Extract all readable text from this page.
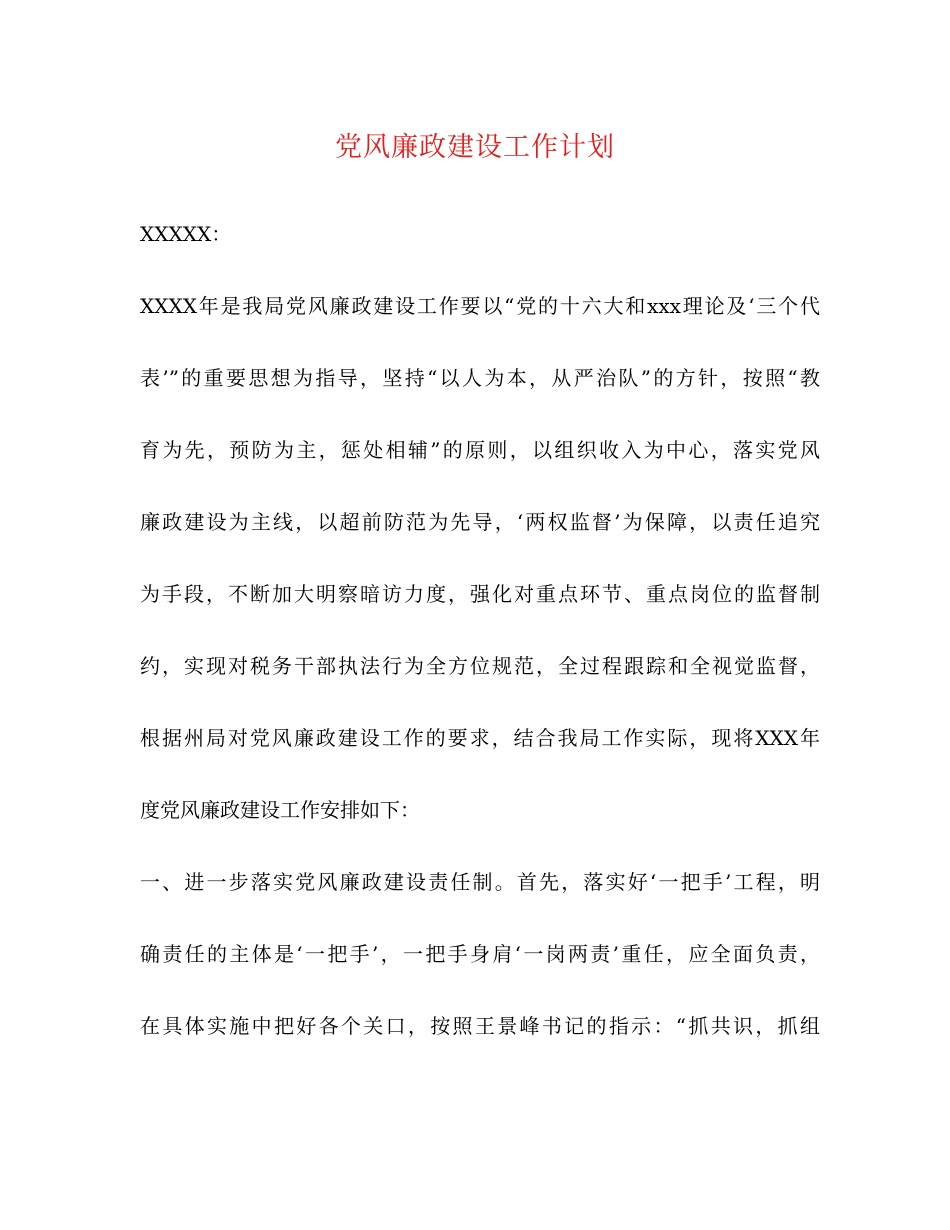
党风廉政建设工作计划
XXXXX：
XXXX年是我局党风廉政建设工作要以“党的十六大和xxx理论及‘三个代
表’”的重要思想为指导，坚持“以人为本，从严治队”的方针，按照“教
育为先，预防为主，惩处相辅”的原则，以组织收入为中心，落实党风
廉政建设为主线，以超前防范为先导，‘两权监督’为保障，以责任追究
为手段，不断加大明察暗访力度，强化对重点环节、重点岗位的监督制
约，实现对税务干部执法行为全方位规范，全过程跟踪和全视觉监督，
根据州局对党风廉政建设工作的要求，结合我局工作实际，现将XXX年
度党风廉政建设工作安排如下：
一、进一步落实党风廉政建设责任制。首先，落实好‘一把手’工程，明
确责任的主体是‘一把手’，一把手身肩‘一岗两责’重任，应全面负责，
在具体实施中把好各个关口，按照王景峰书记的指示：“抓共识，抓组
